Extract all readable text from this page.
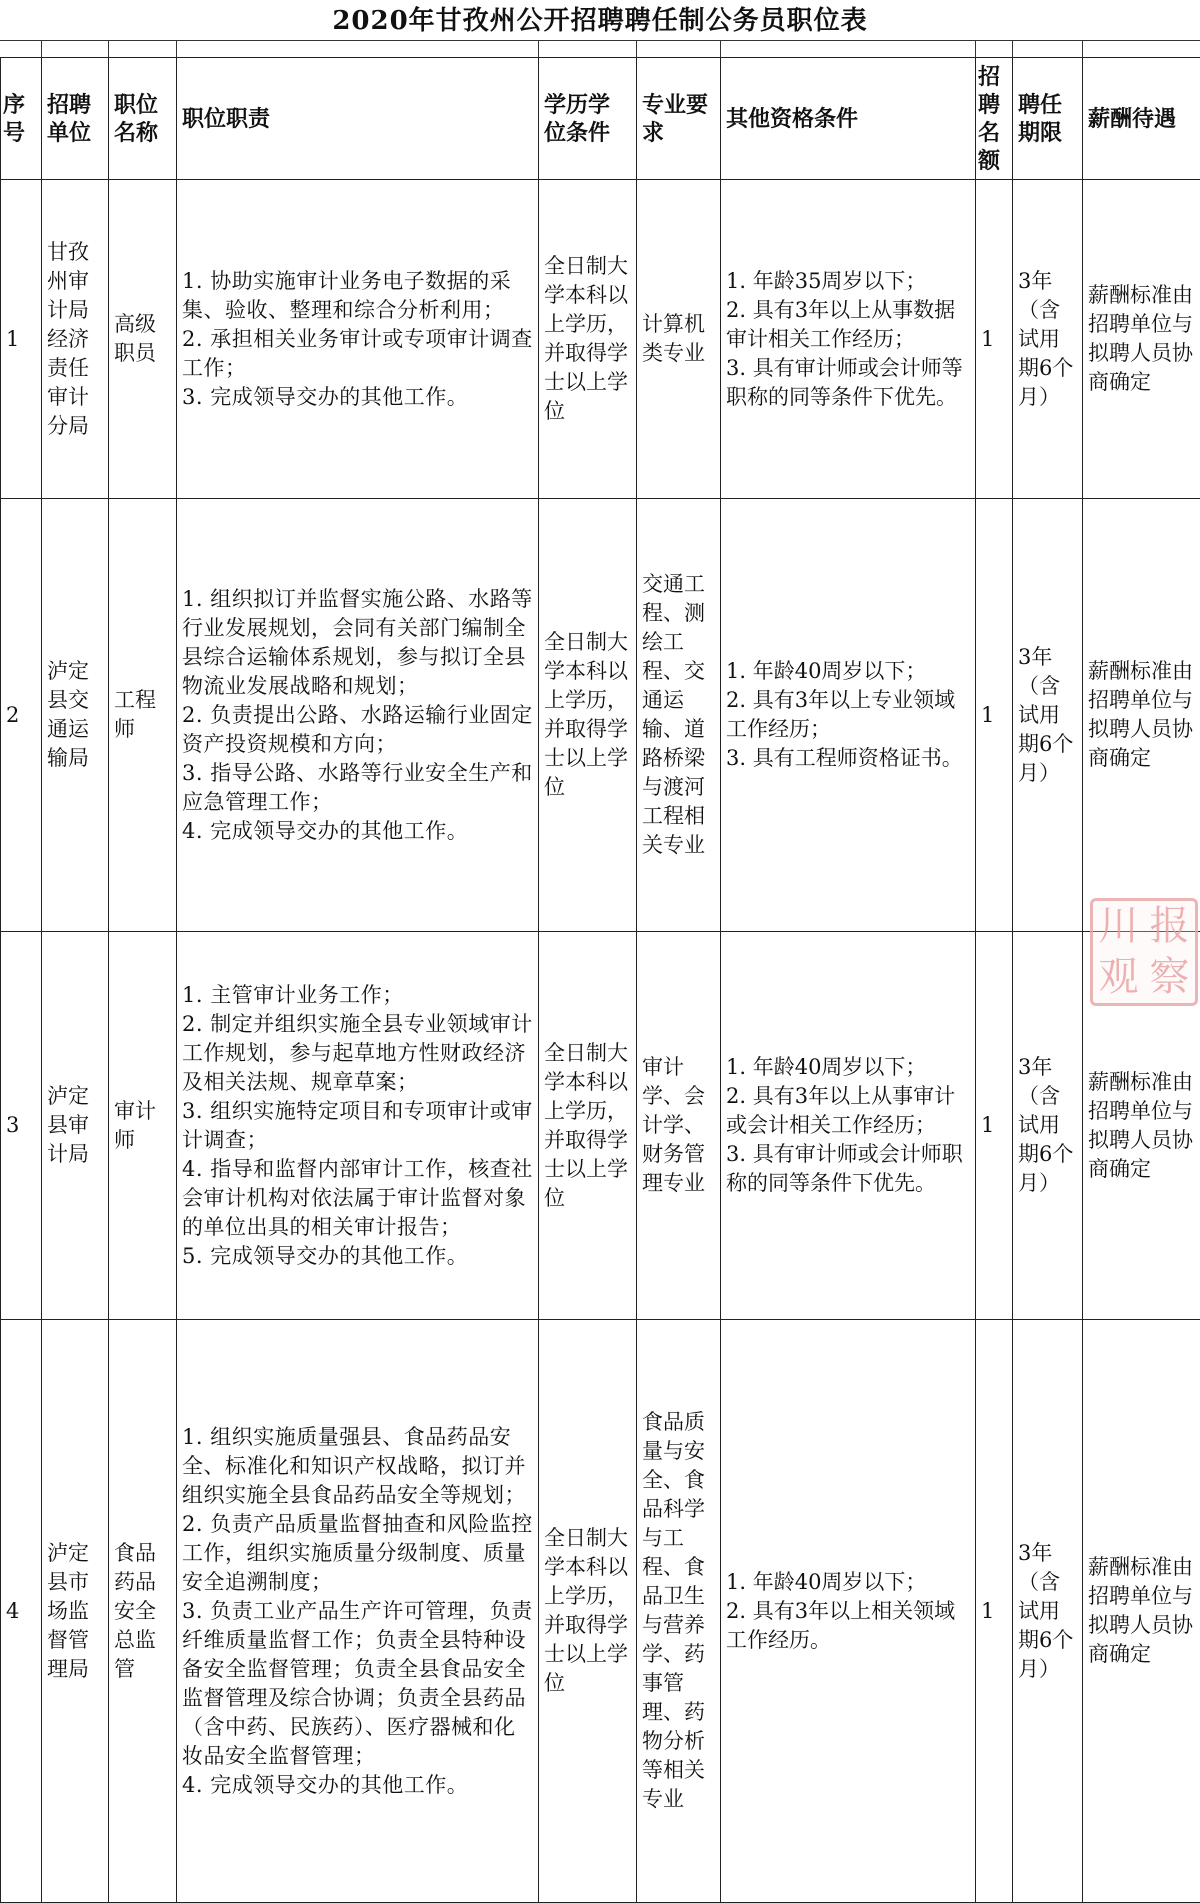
2020年甘孜州公开招聘聘任制公务员职位表
序号	招聘单位	职位名称	职位职责	学历学位条件	专业要求	其他资格条件	招聘名额	聘任期限	薪酬待遇
1	甘孜州审计局经济责任审计分局	高级职员	1. 协助实施审计业务电子数据的采集、验收、整理和综合分析利用；
2. 承担相关业务审计或专项审计调查工作；
3. 完成领导交办的其他工作。	全日制大学本科以上学历，并取得学士以上学位	计算机类专业	1. 年龄35周岁以下；
2. 具有3年以上从事数据审计相关工作经历；
3. 具有审计师或会计师等职称的同等条件下优先。	1	3年（含试用期6个月）	薪酬标准由招聘单位与拟聘人员协商确定
2	泸定县交通运输局	工程师	1. 组织拟订并监督实施公路、水路等行业发展规划，会同有关部门编制全县综合运输体系规划，参与拟订全县物流业发展战略和规划；
2. 负责提出公路、水路运输行业固定资产投资规模和方向；
3. 指导公路、水路等行业安全生产和应急管理工作；
4. 完成领导交办的其他工作。	全日制大学本科以上学历，并取得学士以上学位	交通工程、测绘工程、交通运输、道路桥梁与渡河工程相关专业	1. 年龄40周岁以下；
2. 具有3年以上专业领域工作经历；
3. 具有工程师资格证书。	1	3年（含试用期6个月）	薪酬标准由招聘单位与拟聘人员协商确定
3	泸定县审计局	审计师	1. 主管审计业务工作；
2. 制定并组织实施全县专业领域审计工作规划，参与起草地方性财政经济及相关法规、规章草案；
3. 组织实施特定项目和专项审计或审计调查；
4. 指导和监督内部审计工作，核查社会审计机构对依法属于审计监督对象的单位出具的相关审计报告；
5. 完成领导交办的其他工作。	全日制大学本科以上学历，并取得学士以上学位	审计学、会计学、财务管理专业	1. 年龄40周岁以下；
2. 具有3年以上从事审计或会计相关工作经历；
3. 具有审计师或会计师职称的同等条件下优先。	1	3年（含试用期6个月）	薪酬标准由招聘单位与拟聘人员协商确定
4	泸定县市场监督管理局	食品药品安全总监管	1. 组织实施质量强县、食品药品安全、标准化和知识产权战略，拟订并组织实施全县食品药品安全等规划；
2. 负责产品质量监督抽查和风险监控工作，组织实施质量分级制度、质量安全追溯制度；
3. 负责工业产品生产许可管理，负责纤维质量监督工作；负责全县特种设备安全监督管理；负责全县食品安全监督管理及综合协调；负责全县药品（含中药、民族药）、医疗器械和化妆品安全监督管理；
4. 完成领导交办的其他工作。	全日制大学本科以上学历，并取得学士以上学位	食品质量与安全、食品科学与工程、食品卫生与营养学、药事管理、药物分析等相关专业	1. 年龄40周岁以下；
2. 具有3年以上相关领域工作经历。	1	3年（含试用期6个月）	薪酬标准由招聘单位与拟聘人员协商确定
川 报
观 察
